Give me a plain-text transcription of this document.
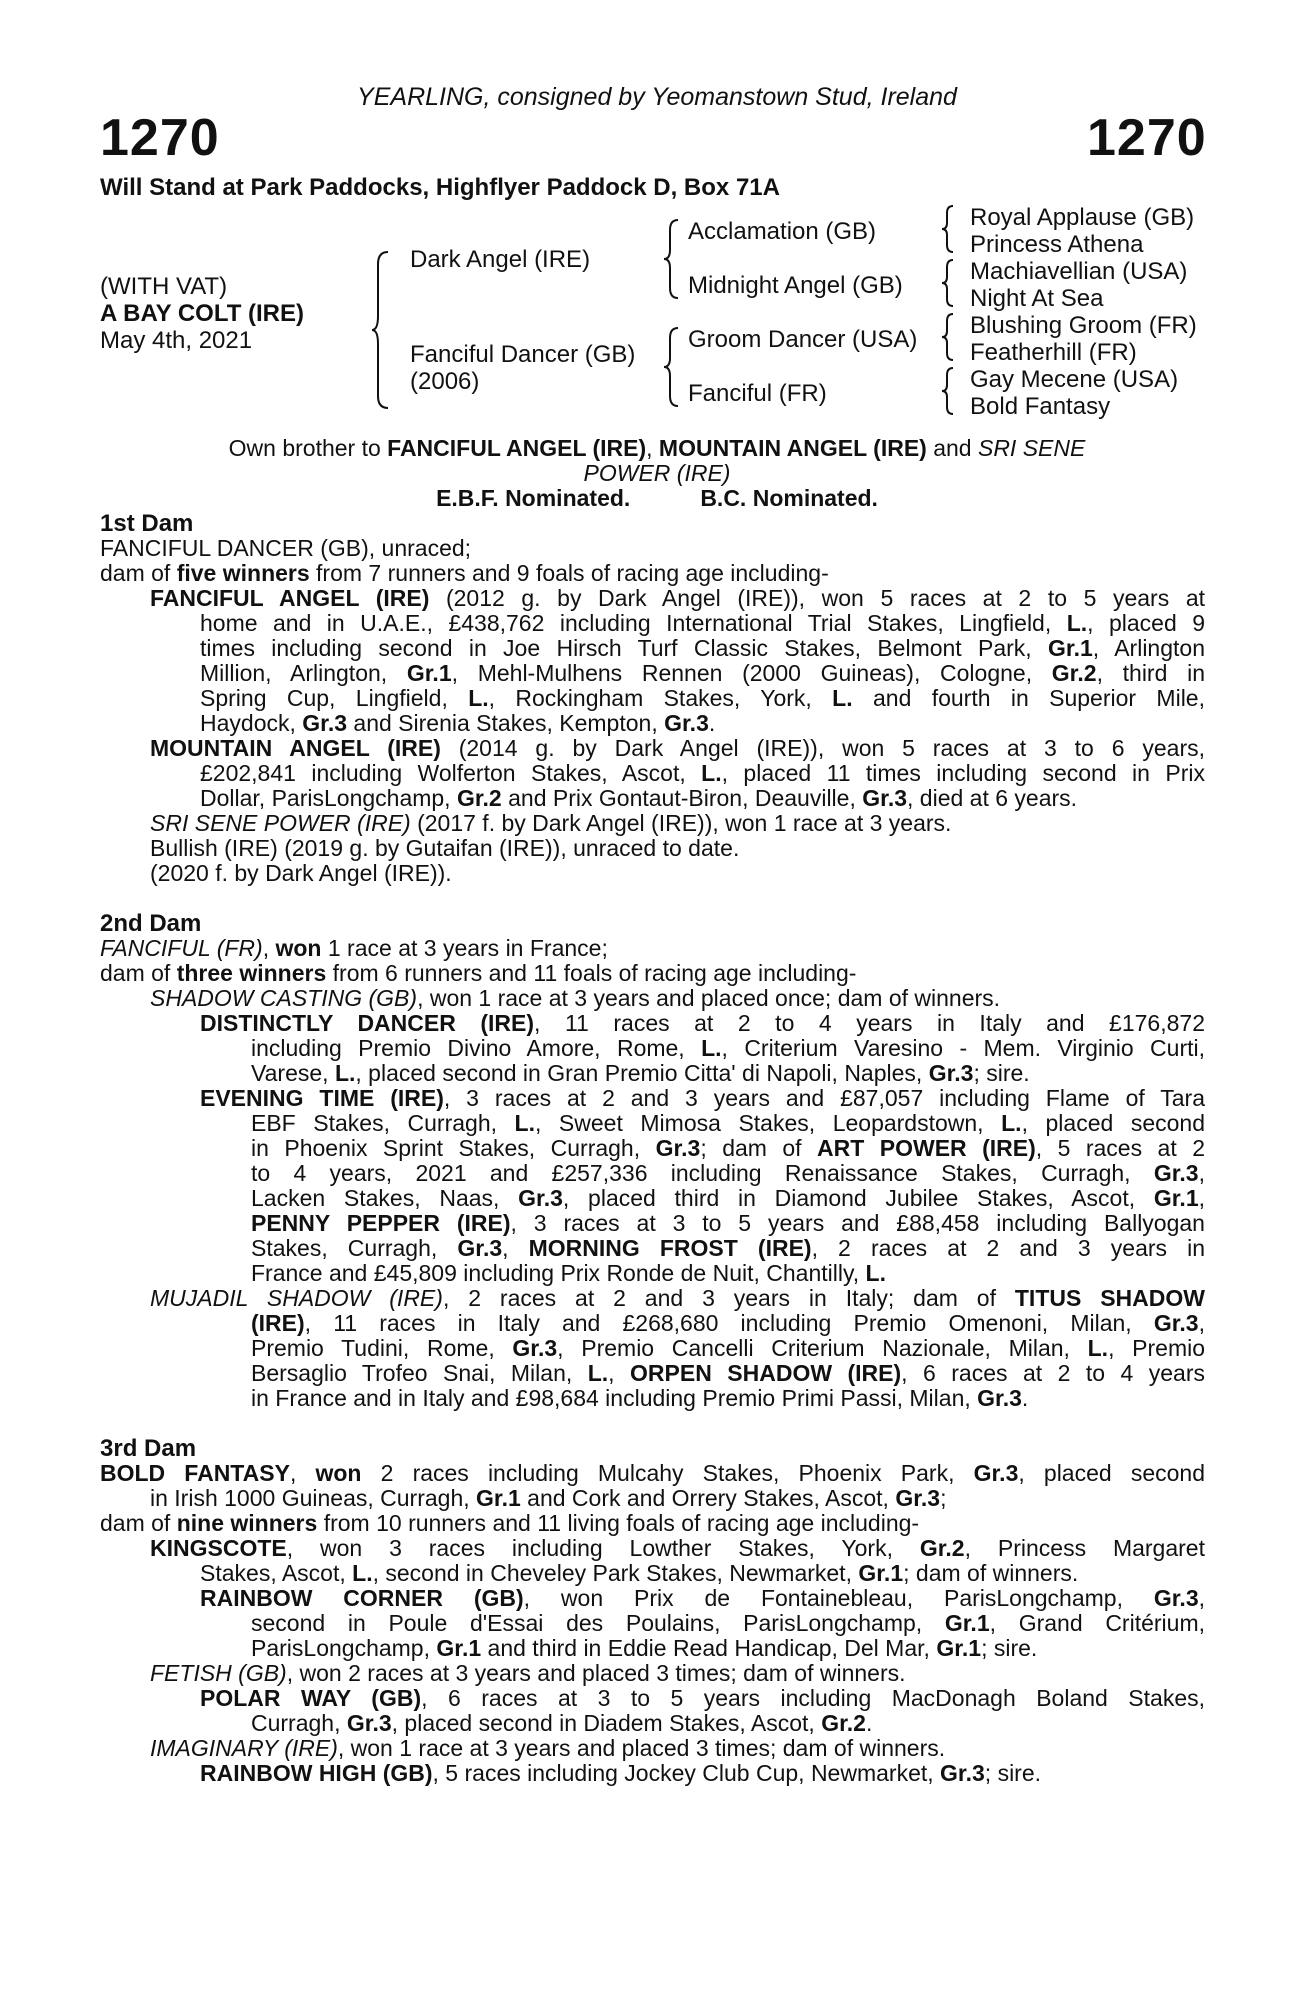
YEARLING, consigned by Yeomanstown Stud, Ireland
1270	1270
Will Stand at Park Paddocks, Highflyer Paddock D, Box 71A
(WITH VAT)
A BAY COLT (IRE)
May 4th, 2021
Dark Angel (IRE)
Fanciful Dancer (GB)
(2006)
Acclamation (GB)
Midnight Angel (GB)
Groom Dancer (USA)
Fanciful (FR)
Royal Applause (GB)
Princess Athena
Machiavellian (USA)
Night At Sea
Blushing Groom (FR)
Featherhill (FR)
Gay Mecene (USA)
Bold Fantasy
Own brother to FANCIFUL ANGEL (IRE), MOUNTAIN ANGEL (IRE) and SRI SENE
POWER (IRE)
E.B.F. Nominated.	B.C. Nominated.
1st Dam
FANCIFUL DANCER (GB), unraced;
dam of five winners from 7 runners and 9 foals of racing age including-
FANCIFUL ANGEL (IRE) (2012 g. by Dark Angel (IRE)), won 5 races at 2 to 5 years at
home and in U.A.E., £438,762 including International Trial Stakes, Lingfield, L., placed 9
times including second in Joe Hirsch Turf Classic Stakes, Belmont Park, Gr.1, Arlington
Million, Arlington, Gr.1, Mehl-Mulhens Rennen (2000 Guineas), Cologne, Gr.2, third in
Spring Cup, Lingfield, L., Rockingham Stakes, York, L. and fourth in Superior Mile,
Haydock, Gr.3 and Sirenia Stakes, Kempton, Gr.3.
MOUNTAIN ANGEL (IRE) (2014 g. by Dark Angel (IRE)), won 5 races at 3 to 6 years,
£202,841 including Wolferton Stakes, Ascot, L., placed 11 times including second in Prix
Dollar, ParisLongchamp, Gr.2 and Prix Gontaut-Biron, Deauville, Gr.3, died at 6 years.
SRI SENE POWER (IRE) (2017 f. by Dark Angel (IRE)), won 1 race at 3 years.
Bullish (IRE) (2019 g. by Gutaifan (IRE)), unraced to date.
(2020 f. by Dark Angel (IRE)).
2nd Dam
FANCIFUL (FR), won 1 race at 3 years in France;
dam of three winners from 6 runners and 11 foals of racing age including-
SHADOW CASTING (GB), won 1 race at 3 years and placed once; dam of winners.
DISTINCTLY DANCER (IRE), 11 races at 2 to 4 years in Italy and £176,872
including Premio Divino Amore, Rome, L., Criterium Varesino - Mem. Virginio Curti,
Varese, L., placed second in Gran Premio Citta' di Napoli, Naples, Gr.3; sire.
EVENING TIME (IRE), 3 races at 2 and 3 years and £87,057 including Flame of Tara
EBF Stakes, Curragh, L., Sweet Mimosa Stakes, Leopardstown, L., placed second
in Phoenix Sprint Stakes, Curragh, Gr.3; dam of ART POWER (IRE), 5 races at 2
to 4 years, 2021 and £257,336 including Renaissance Stakes, Curragh, Gr.3,
Lacken Stakes, Naas, Gr.3, placed third in Diamond Jubilee Stakes, Ascot, Gr.1,
PENNY PEPPER (IRE), 3 races at 3 to 5 years and £88,458 including Ballyogan
Stakes, Curragh, Gr.3, MORNING FROST (IRE), 2 races at 2 and 3 years in
France and £45,809 including Prix Ronde de Nuit, Chantilly, L.
MUJADIL SHADOW (IRE), 2 races at 2 and 3 years in Italy; dam of TITUS SHADOW
(IRE), 11 races in Italy and £268,680 including Premio Omenoni, Milan, Gr.3,
Premio Tudini, Rome, Gr.3, Premio Cancelli Criterium Nazionale, Milan, L., Premio
Bersaglio Trofeo Snai, Milan, L., ORPEN SHADOW (IRE), 6 races at 2 to 4 years
in France and in Italy and £98,684 including Premio Primi Passi, Milan, Gr.3.
3rd Dam
BOLD FANTASY, won 2 races including Mulcahy Stakes, Phoenix Park, Gr.3, placed second
in Irish 1000 Guineas, Curragh, Gr.1 and Cork and Orrery Stakes, Ascot, Gr.3;
dam of nine winners from 10 runners and 11 living foals of racing age including-
KINGSCOTE, won 3 races including Lowther Stakes, York, Gr.2, Princess Margaret
Stakes, Ascot, L., second in Cheveley Park Stakes, Newmarket, Gr.1; dam of winners.
RAINBOW CORNER (GB), won Prix de Fontainebleau, ParisLongchamp, Gr.3,
second in Poule d'Essai des Poulains, ParisLongchamp, Gr.1, Grand Critérium,
ParisLongchamp, Gr.1 and third in Eddie Read Handicap, Del Mar, Gr.1; sire.
FETISH (GB), won 2 races at 3 years and placed 3 times; dam of winners.
POLAR WAY (GB), 6 races at 3 to 5 years including MacDonagh Boland Stakes,
Curragh, Gr.3, placed second in Diadem Stakes, Ascot, Gr.2.
IMAGINARY (IRE), won 1 race at 3 years and placed 3 times; dam of winners.
RAINBOW HIGH (GB), 5 races including Jockey Club Cup, Newmarket, Gr.3; sire.
